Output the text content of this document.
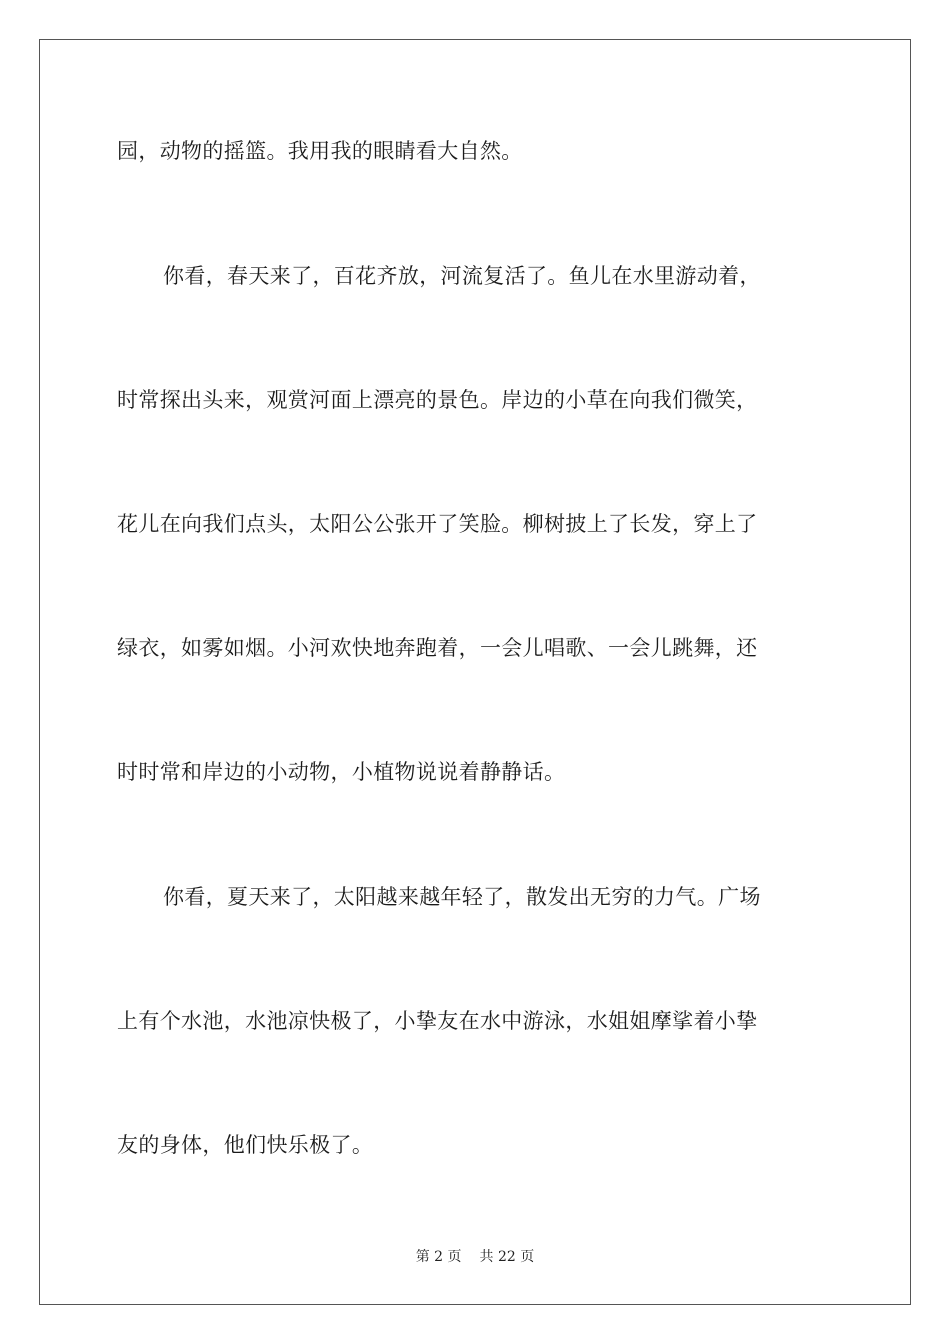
园，动物的摇篮。我用我的眼睛看大自然。
你看，春天来了，百花齐放，河流复活了。鱼儿在水里游动着，
时常探出头来，观赏河面上漂亮的景色。岸边的小草在向我们微笑，
花儿在向我们点头，太阳公公张开了笑脸。柳树披上了长发，穿上了
绿衣，如雾如烟。小河欢快地奔跑着，一会儿唱歌、一会儿跳舞，还
时时常和岸边的小动物，小植物说说着静静话。
你看，夏天来了，太阳越来越年轻了，散发出无穷的力气。广场
上有个水池，水池凉快极了，小挚友在水中游泳，水姐姐摩挲着小挚
友的身体，他们快乐极了。
第 2 页 共 22 页
